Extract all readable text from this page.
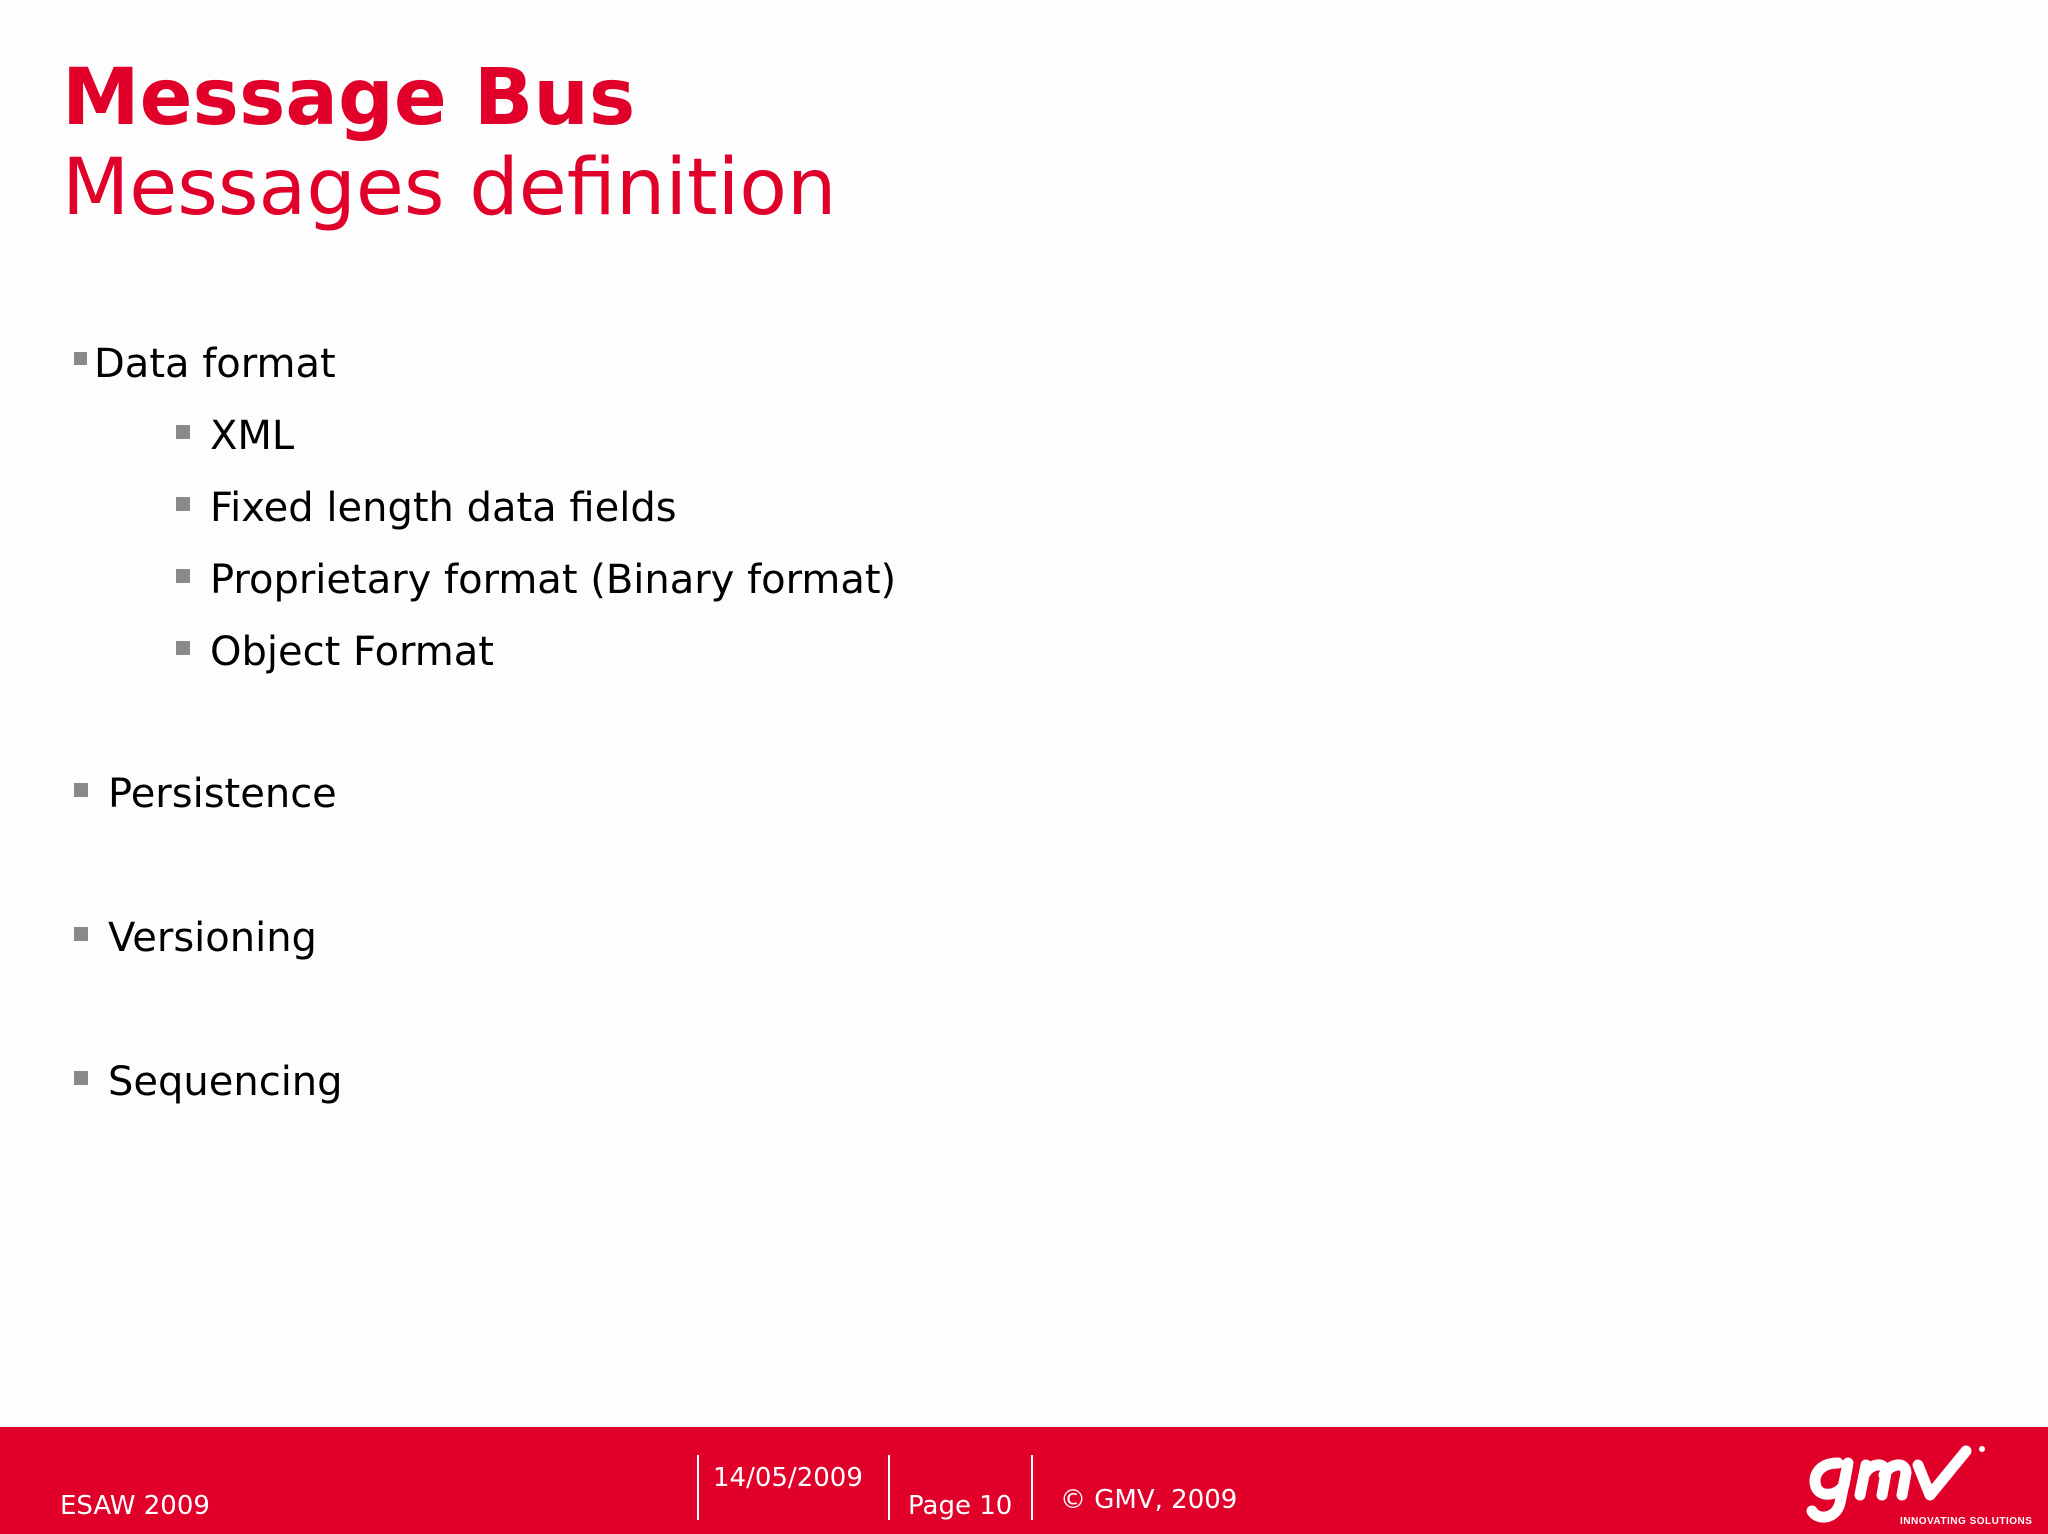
Message Bus
Messages definition
Data format
XML
Fixed length data fields
Proprietary format (Binary format)
Object Format
Persistence
Versioning
Sequencing
ESAW 2009
14/05/2009
Page 10 © GMV, 2009
INNOVATING SOLUTIONS
